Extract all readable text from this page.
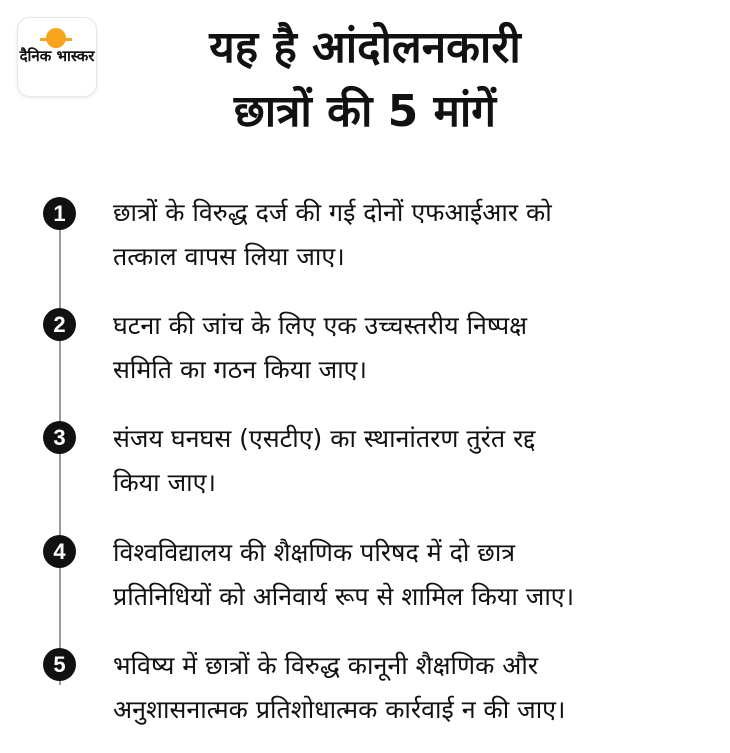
दैनिक भास्कर	यह है आंदोलनकारी
छात्रों की 5 मांगें
1	छात्रों के विरुद्ध दर्ज की गई दोनों एफआईआर को
तत्काल वापस लिया जाए।
2	घटना की जांच के लिए एक उच्चस्तरीय निष्पक्ष
समिति का गठन किया जाए।
3	संजय घनघस (एसटीए) का स्थानांतरण तुरंत रद्द
किया जाए।
4	विश्वविद्यालय की शैक्षणिक परिषद में दो छात्र
प्रतिनिधियों को अनिवार्य रूप से शामिल किया जाए।
5	भविष्य में छात्रों के विरुद्ध कानूनी शैक्षणिक और
अनुशासनात्मक प्रतिशोधात्मक कार्रवाई न की जाए।
